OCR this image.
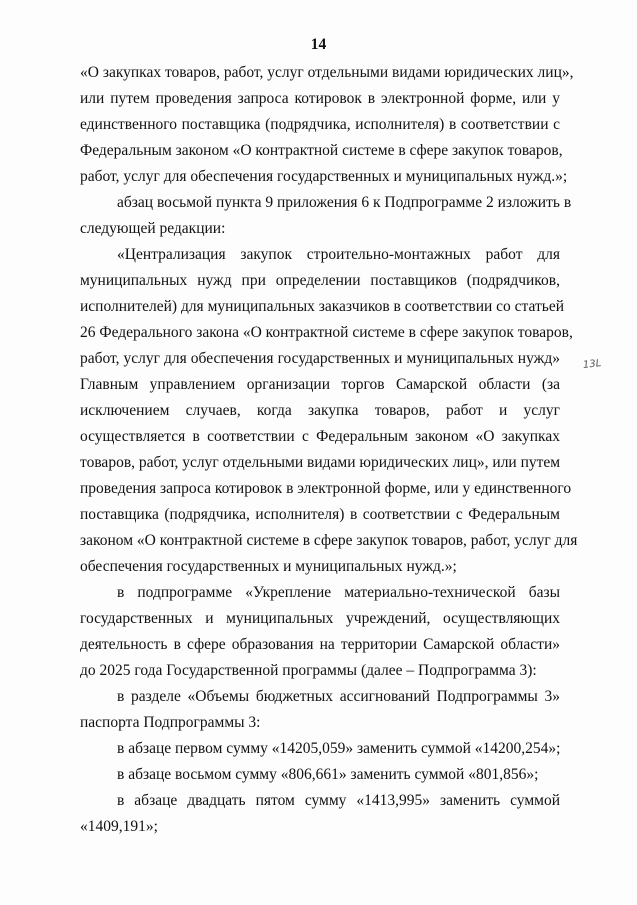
14
«О закупках товаров, работ, услуг отдельными видами юридических лиц»,
или путем проведения запроса котировок в электронной форме, или у
единственного поставщика (подрядчика, исполнителя) в соответствии с
Федеральным законом «О контрактной системе в сфере закупок товаров,
работ, услуг для обеспечения государственных и муниципальных нужд.»;
абзац восьмой пункта 9 приложения 6 к Подпрограмме 2 изложить в
следующей редакции:
«Централизация закупок строительно-монтажных работ для
муниципальных нужд при определении поставщиков (подрядчиков,
исполнителей) для муниципальных заказчиков в соответствии со статьей
26 Федерального закона «О контрактной системе в сфере закупок товаров,
работ, услуг для обеспечения государственных и муниципальных нужд»
Главным управлением организации торгов Самарской области (за
исключением случаев, когда закупка товаров, работ и услуг
осуществляется в соответствии с Федеральным законом «О закупках
товаров, работ, услуг отдельными видами юридических лиц», или путем
проведения запроса котировок в электронной форме, или у единственного
поставщика (подрядчика, исполнителя) в соответствии с Федеральным
законом «О контрактной системе в сфере закупок товаров, работ, услуг для
обеспечения государственных и муниципальных нужд.»;
в подпрограмме «Укрепление материально-технической базы
государственных и муниципальных учреждений, осуществляющих
деятельность в сфере образования на территории Самарской области»
до 2025 года Государственной программы (далее – Подпрограмма 3):
в разделе «Объемы бюджетных ассигнований Подпрограммы 3»
паспорта Подпрограммы 3:
в абзаце первом сумму «14205,059» заменить суммой «14200,254»;
в абзаце восьмом сумму «806,661» заменить суммой «801,856»;
в абзаце двадцать пятом сумму «1413,995» заменить суммой
«1409,191»;
13L
